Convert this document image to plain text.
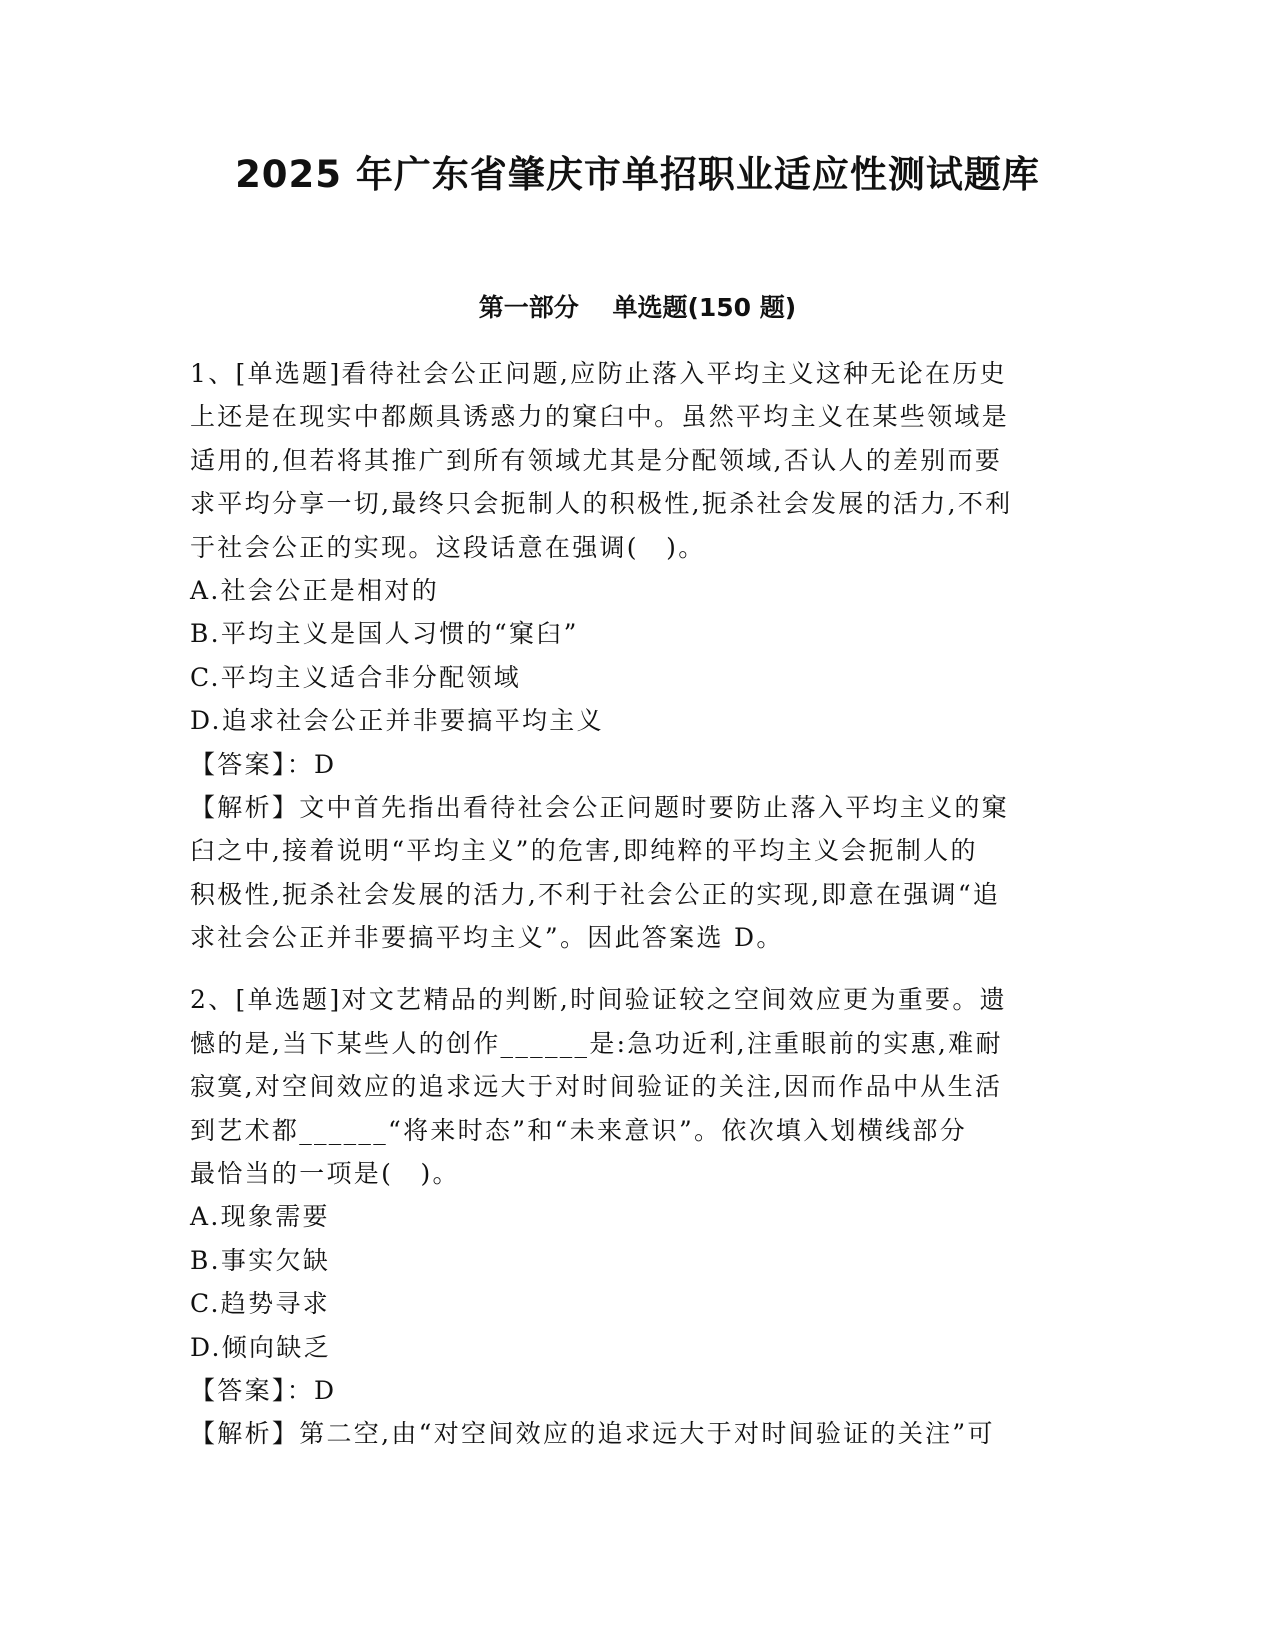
2025 年广东省肇庆市单招职业适应性测试题库
第一部分　 单选题(150 题)
1、[单选题]看待社会公正问题,应防止落入平均主义这种无论在历史
上还是在现实中都颇具诱惑力的窠臼中。虽然平均主义在某些领域是
适用的,但若将其推广到所有领域尤其是分配领域,否认人的差别而要
求平均分享一切,最终只会扼制人的积极性,扼杀社会发展的活力,不利
于社会公正的实现。这段话意在强调(　)。
A.社会公正是相对的
B.平均主义是国人习惯的“窠臼”
C.平均主义适合非分配领域
D.追求社会公正并非要搞平均主义
【答案】：D
【解析】文中首先指出看待社会公正问题时要防止落入平均主义的窠
臼之中,接着说明“平均主义”的危害,即纯粹的平均主义会扼制人的
积极性,扼杀社会发展的活力,不利于社会公正的实现,即意在强调“追
求社会公正并非要搞平均主义”。因此答案选 D。
2、[单选题]对文艺精品的判断,时间验证较之空间效应更为重要。遗
憾的是,当下某些人的创作______是:急功近利,注重眼前的实惠,难耐
寂寞,对空间效应的追求远大于对时间验证的关注,因而作品中从生活
到艺术都______“将来时态”和“未来意识”。依次填入划横线部分
最恰当的一项是(　)。
A.现象需要
B.事实欠缺
C.趋势寻求
D.倾向缺乏
【答案】：D
【解析】第二空,由“对空间效应的追求远大于对时间验证的关注”可
